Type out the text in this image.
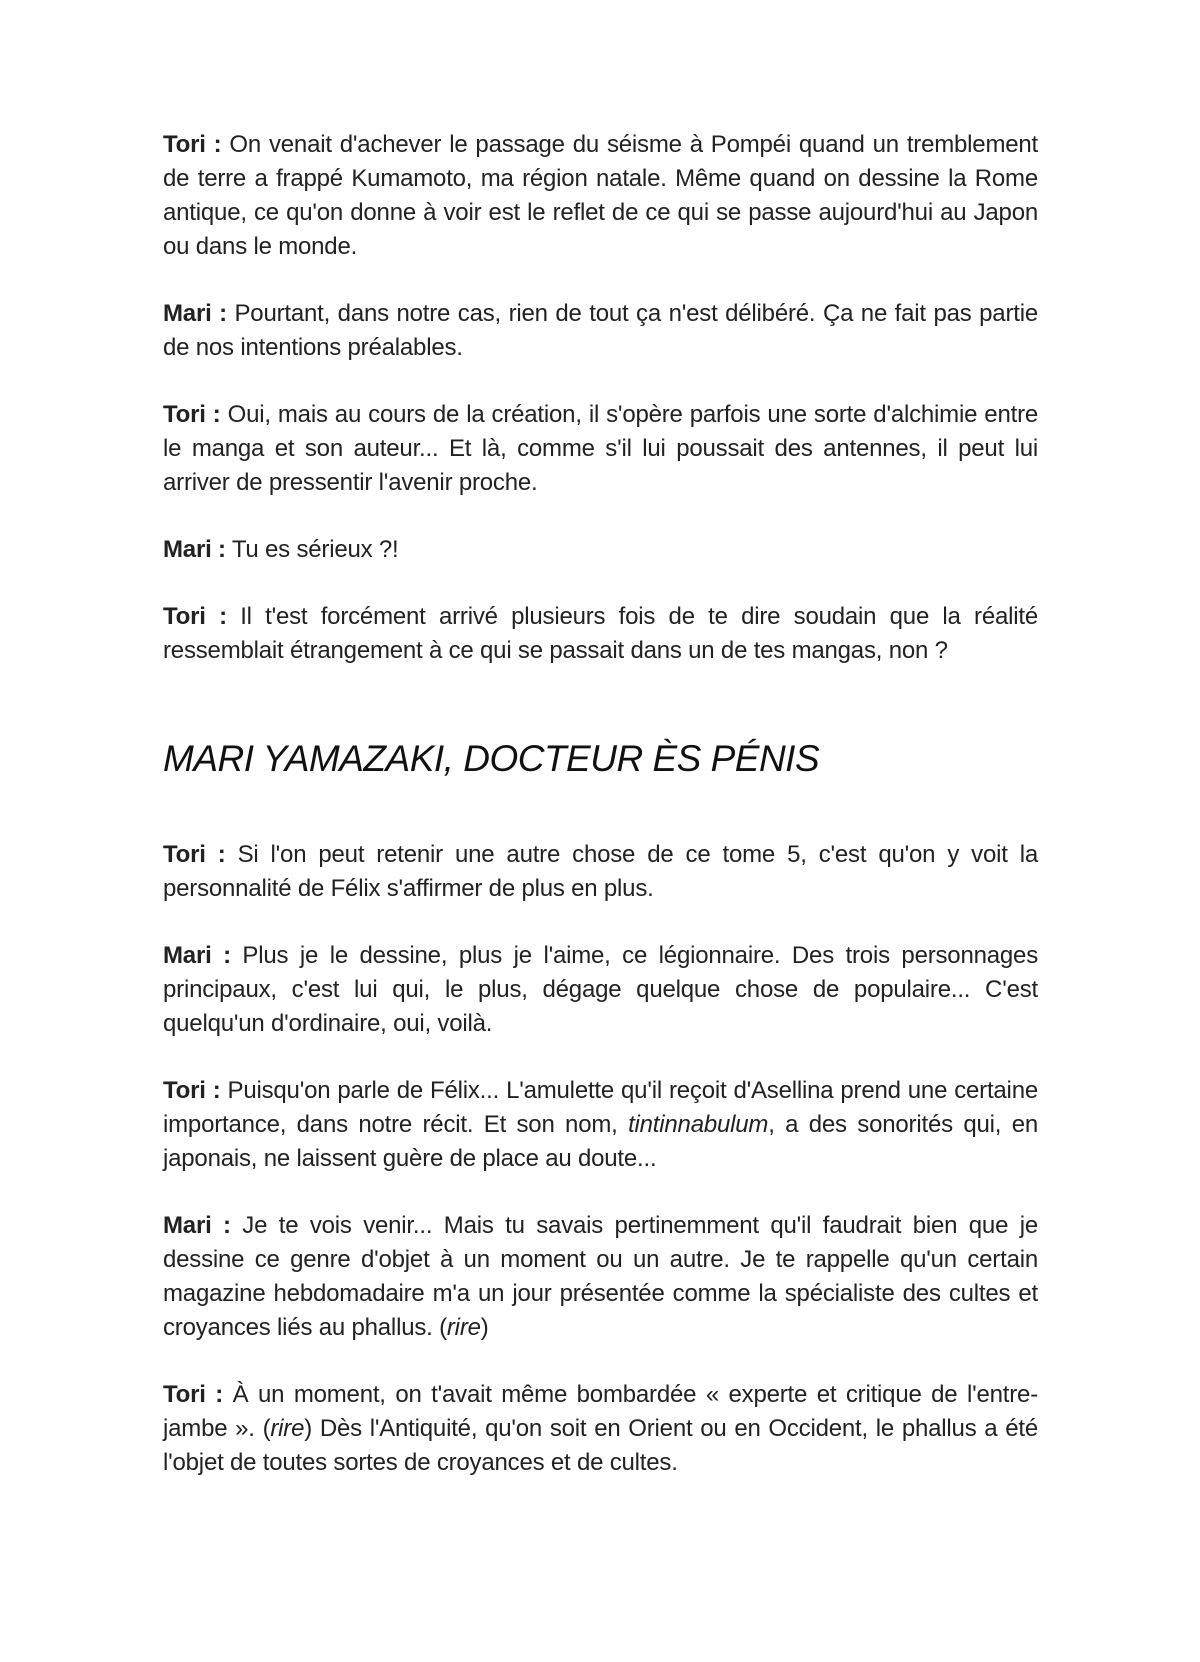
Tori : On venait d'achever le passage du séisme à Pompéi quand un tremblement de terre a frappé Kumamoto, ma région natale. Même quand on dessine la Rome antique, ce qu'on donne à voir est le reflet de ce qui se passe aujourd'hui au Japon ou dans le monde.

Mari : Pourtant, dans notre cas, rien de tout ça n'est délibéré. Ça ne fait pas partie de nos intentions préalables.

Tori : Oui, mais au cours de la création, il s'opère parfois une sorte d'alchimie entre le manga et son auteur... Et là, comme s'il lui poussait des antennes, il peut lui arriver de pressentir l'avenir proche.

Mari : Tu es sérieux ?!

Tori : Il t'est forcément arrivé plusieurs fois de te dire soudain que la réalité ressemblait étrangement à ce qui se passait dans un de tes mangas, non ?

MARI YAMAZAKI, DOCTEUR ÈS PÉNIS

Tori : Si l'on peut retenir une autre chose de ce tome 5, c'est qu'on y voit la personnalité de Félix s'affirmer de plus en plus.

Mari : Plus je le dessine, plus je l'aime, ce légionnaire. Des trois personnages principaux, c'est lui qui, le plus, dégage quelque chose de populaire... C'est quelqu'un d'ordinaire, oui, voilà.

Tori : Puisqu'on parle de Félix... L'amulette qu'il reçoit d'Asellina prend une certaine importance, dans notre récit. Et son nom, tintinnabulum, a des sonorités qui, en japonais, ne laissent guère de place au doute...

Mari : Je te vois venir... Mais tu savais pertinemment qu'il faudrait bien que je dessine ce genre d'objet à un moment ou un autre. Je te rappelle qu'un certain magazine hebdomadaire m'a un jour présentée comme la spécialiste des cultes et croyances liés au phallus. (rire)

Tori : À un moment, on t'avait même bombardée « experte et critique de l'entre-jambe ». (rire) Dès l'Antiquité, qu'on soit en Orient ou en Occident, le phallus a été l'objet de toutes sortes de croyances et de cultes.
